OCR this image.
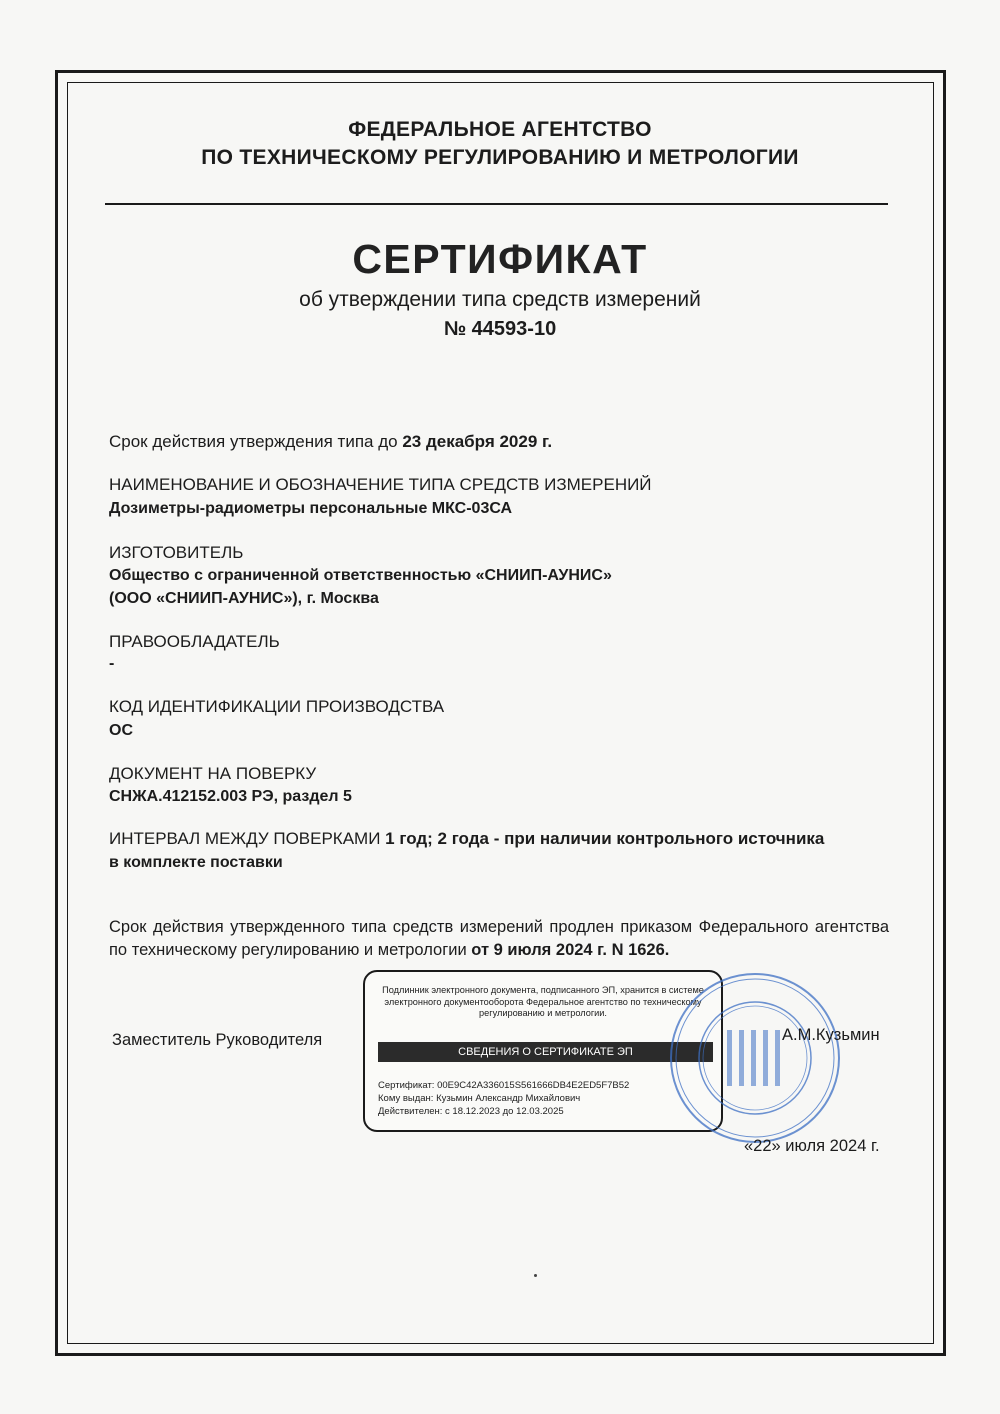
ФЕДЕРАЛЬНОЕ АГЕНТСТВО
ПО ТЕХНИЧЕСКОМУ РЕГУЛИРОВАНИЮ И МЕТРОЛОГИИ
СЕРТИФИКАТ
об утверждении типа средств измерений
№ 44593-10
Срок действия утверждения типа до 23 декабря 2029 г.
НАИМЕНОВАНИЕ И ОБОЗНАЧЕНИЕ ТИПА СРЕДСТВ ИЗМЕРЕНИЙ
Дозиметры-радиометры персональные МКС-03СА
ИЗГОТОВИТЕЛЬ
Общество с ограниченной ответственностью «СНИИП-АУНИС»
(ООО «СНИИП-АУНИС»), г. Москва
ПРАВООБЛАДАТЕЛЬ
-
КОД ИДЕНТИФИКАЦИИ ПРОИЗВОДСТВА
ОС
ДОКУМЕНТ НА ПОВЕРКУ
СНЖА.412152.003 РЭ, раздел 5
ИНТЕРВАЛ МЕЖДУ ПОВЕРКАМИ 1 год; 2 года - при наличии контрольного источника
в комплекте поставки
Срок действия утвержденного типа средств измерений продлен приказом Федерального агентства по техническому регулированию и метрологии от 9 июля 2024 г. N 1626.
Заместитель Руководителя
Подлинник электронного документа, подписанного ЭП, хранится в системе электронного документооборота Федеральное агентство по техническому регулированию и метрологии.
СВЕДЕНИЯ О СЕРТИФИКАТЕ ЭП
Сертификат: 00E9C42A336015S561666DB4E2ED5F7B52
Кому выдан: Кузьмин Александр Михайлович
Действителен: с 18.12.2023 до 12.03.2025
А.М.Кузьмин
«22» июля 2024 г.
